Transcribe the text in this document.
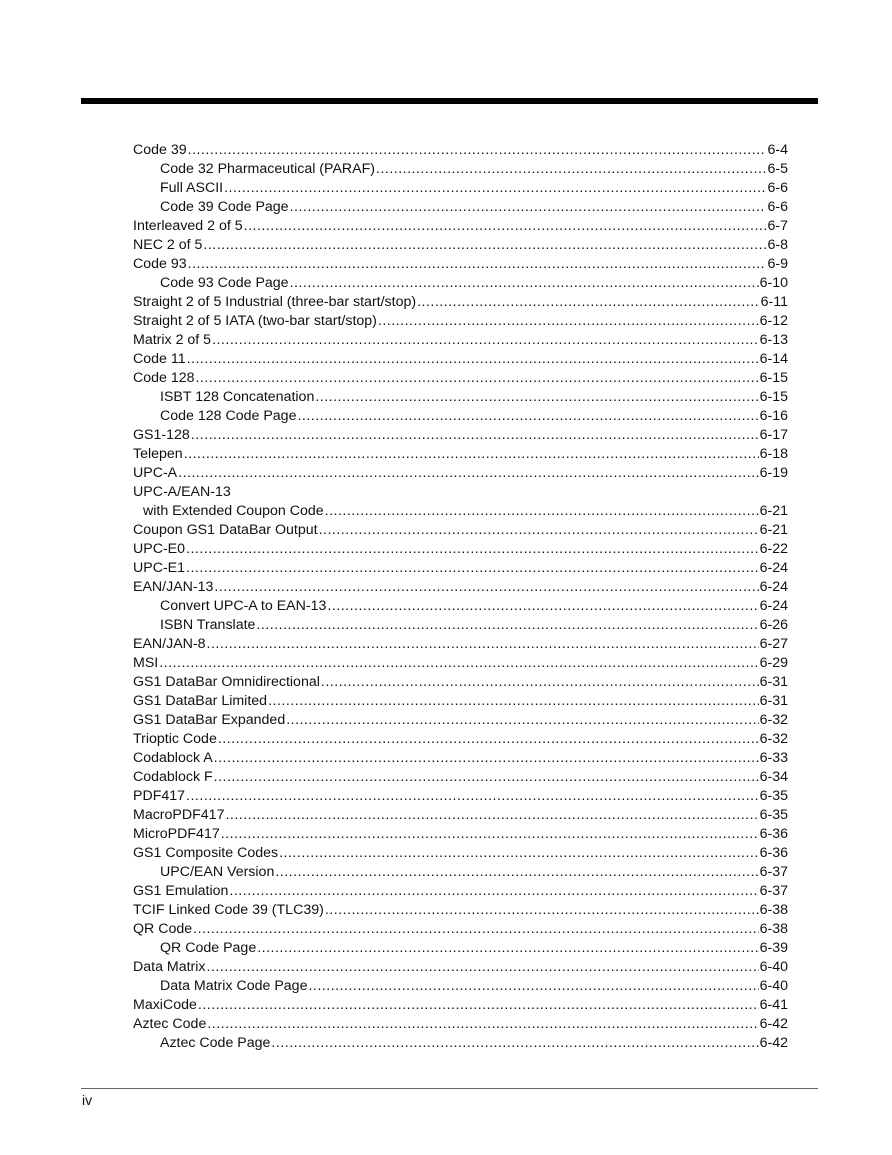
Code 39 .....	6-4
Code 32 Pharmaceutical (PARAF) .....	6-5
Full ASCII .....	6-6
Code 39 Code Page .....	6-6
Interleaved 2 of 5 .....	6-7
NEC 2 of 5 .....	6-8
Code 93 .....	6-9
Code 93 Code Page .....	6-10
Straight 2 of 5 Industrial (three-bar start/stop) .....	6-11
Straight 2 of 5 IATA (two-bar start/stop) .....	6-12
Matrix 2 of 5 .....	6-13
Code 11 .....	6-14
Code 128 .....	6-15
ISBT 128 Concatenation .....	6-15
Code 128 Code Page .....	6-16
GS1-128 .....	6-17
Telepen .....	6-18
UPC-A .....	6-19
UPC-A/EAN-13
with Extended Coupon Code .....	6-21
Coupon GS1 DataBar Output .....	6-21
UPC-E0 .....	6-22
UPC-E1 .....	6-24
EAN/JAN-13 .....	6-24
Convert UPC-A to EAN-13 .....	6-24
ISBN Translate .....	6-26
EAN/JAN-8 .....	6-27
MSI .....	6-29
GS1 DataBar Omnidirectional .....	6-31
GS1 DataBar Limited .....	6-31
GS1 DataBar Expanded .....	6-32
Trioptic Code .....	6-32
Codablock A .....	6-33
Codablock F .....	6-34
PDF417 .....	6-35
MacroPDF417 .....	6-35
MicroPDF417 .....	6-36
GS1 Composite Codes .....	6-36
UPC/EAN Version .....	6-37
GS1 Emulation .....	6-37
TCIF Linked Code 39 (TLC39) .....	6-38
QR Code .....	6-38
QR Code Page .....	6-39
Data Matrix .....	6-40
Data Matrix Code Page .....	6-40
MaxiCode .....	6-41
Aztec Code .....	6-42
Aztec Code Page .....	6-42
iv
